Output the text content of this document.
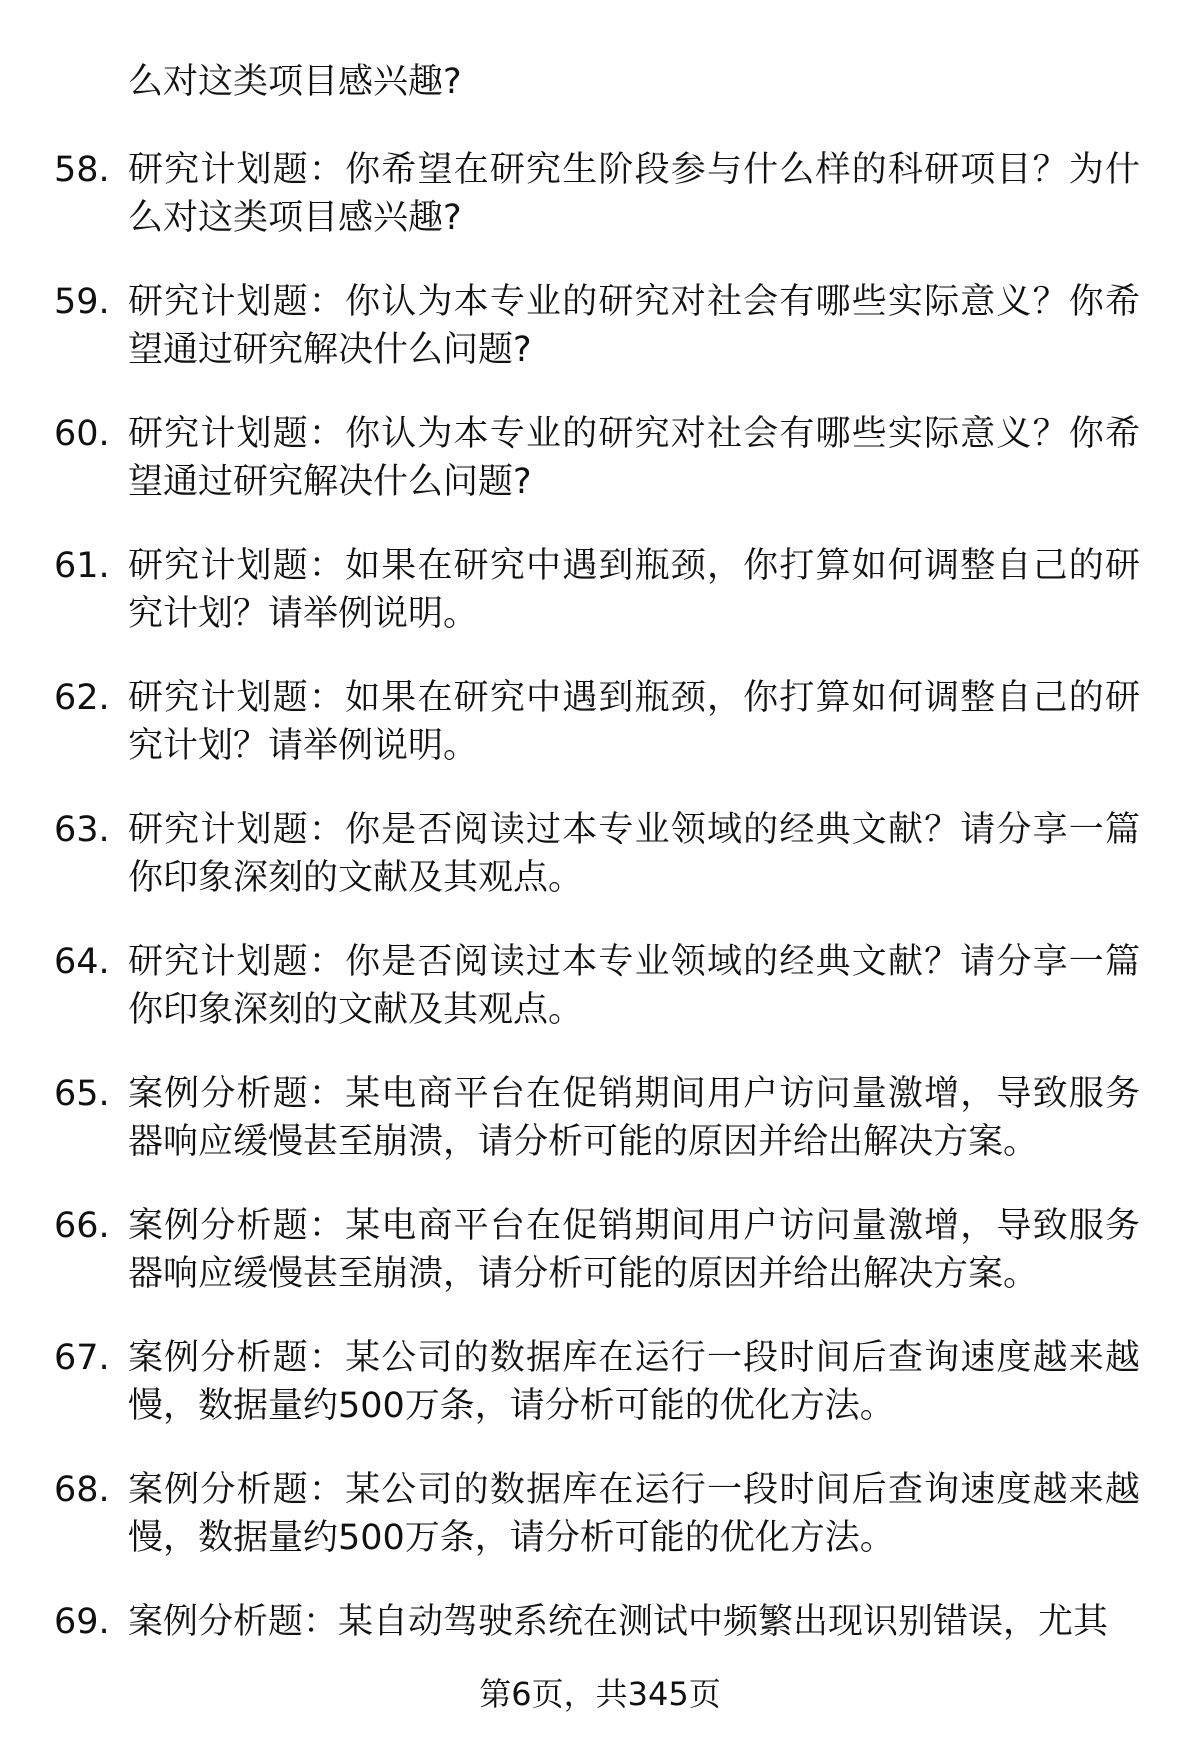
么对这类项目感兴趣?
58. 研究计划题：你希望在研究生阶段参与什么样的科研项目？为什么对这类项目感兴趣?
59. 研究计划题：你认为本专业的研究对社会有哪些实际意义？你希望通过研究解决什么问题?
60. 研究计划题：你认为本专业的研究对社会有哪些实际意义？你希望通过研究解决什么问题?
61. 研究计划题：如果在研究中遇到瓶颈，你打算如何调整自己的研究计划？请举例说明。
62. 研究计划题：如果在研究中遇到瓶颈，你打算如何调整自己的研究计划？请举例说明。
63. 研究计划题：你是否阅读过本专业领域的经典文献？请分享一篇你印象深刻的文献及其观点。
64. 研究计划题：你是否阅读过本专业领域的经典文献？请分享一篇你印象深刻的文献及其观点。
65. 案例分析题：某电商平台在促销期间用户访问量激增，导致服务器响应缓慢甚至崩溃，请分析可能的原因并给出解决方案。
66. 案例分析题：某电商平台在促销期间用户访问量激增，导致服务器响应缓慢甚至崩溃，请分析可能的原因并给出解决方案。
67. 案例分析题：某公司的数据库在运行一段时间后查询速度越来越慢，数据量约500万条，请分析可能的优化方法。
68. 案例分析题：某公司的数据库在运行一段时间后查询速度越来越慢，数据量约500万条，请分析可能的优化方法。
69. 案例分析题：某自动驾驶系统在测试中频繁出现识别错误，尤其
第6页，共345页
